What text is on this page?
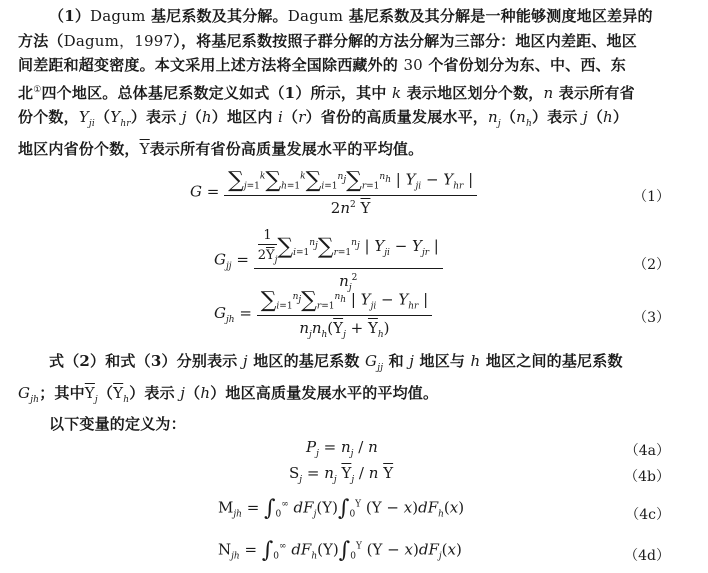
（1）Dagum 基尼系数及其分解。Dagum 基尼系数及其分解是一种能够测度地区差异的
方法（Dagum，1997），将基尼系数按照子群分解的方法分解为三部分：地区内差距、地区
间差距和超变密度。本文采用上述方法将全国除西藏外的 30 个省份划分为东、中、西、东
北①四个地区。总体基尼系数定义如式（1）所示，其中 k 表示地区划分个数，n 表示所有省
份个数，$Y_{ji}(Y_{hr})$表示 j（h）地区内 i（r）省份的高质量发展水平，$n_j(n_h)$表示 j（h）
地区内省份个数，$\overline{Y}$表示所有省份高质量发展水平的平均值。
$G = \frac{\sum_{j=1}^k\sum_{h=1}^k\sum_{i=1}^{n_j}\sum_{r=1}^{n_h} | Y_{ji} - Y_{hr} |}{2n^2 \overline{Y}}$	（1）
$G_{jj} = \frac{\frac{1}{2\overline{Y}_j} \sum_{i=1}^{n_j}\sum_{r=1}^{n_j} | Y_{ji} - Y_{jr} |}{n_j^2}$	（2）
$G_{jh} = \frac{\sum_{i=1}^{n_j}\sum_{r=1}^{n_h} | Y_{ji} - Y_{hr} |}{n_jn_h(\overline{Y}_j + \overline{Y}_h)}$	（3）
式（2）和式（3）分别表示 j 地区的基尼系数 $G_{jj}$ 和 j 地区与 h 地区之间的基尼系数
$G_{jh}$；其中$\overline{Y}_j(\overline{Y}_h)$表示 j（h）地区高质量发展水平的平均值。
以下变量的定义为：
$P_j = n_j / n$	（4a）
$S_j = n_j$ $\overline{Y}_j$ / n $\overline{Y}$	（4b）
$M_{jh} = \int_0^\infty$ $dF_j(Y)\int_0^Y$ $(Y - x)dF_h(x)$	（4c）
$N_{jh} = \int_0^\infty$ $dF_h(Y)\int_0^Y$ $(Y - x)dF_j(x)$	（4d）
